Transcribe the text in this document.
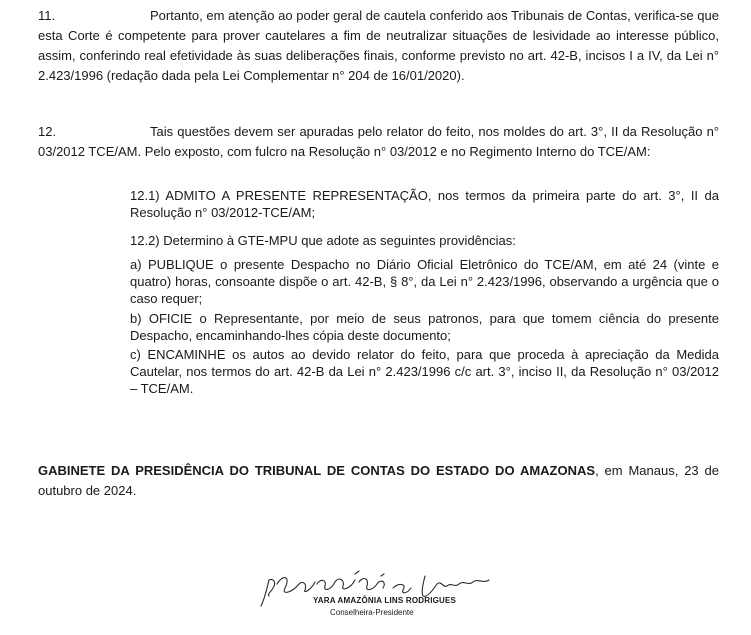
11.	Portanto, em atenção ao poder geral de cautela conferido aos Tribunais de Contas, verifica-se que esta Corte é competente para prover cautelares a fim de neutralizar situações de lesividade ao interesse público, assim, conferindo real efetividade às suas deliberações finais, conforme previsto no art. 42-B, incisos I a IV, da Lei n° 2.423/1996 (redação dada pela Lei Complementar n° 204 de 16/01/2020).

12.	Tais questões devem ser apuradas pelo relator do feito, nos moldes do art. 3°, II da Resolução n° 03/2012 TCE/AM. Pelo exposto, com fulcro na Resolução n° 03/2012 e no Regimento Interno do TCE/AM:

12.1) ADMITO A PRESENTE REPRESENTAÇÃO, nos termos da primeira parte do art. 3°, II da Resolução n° 03/2012-TCE/AM;

12.2) Determino à GTE-MPU que adote as seguintes providências:

a) PUBLIQUE o presente Despacho no Diário Oficial Eletrônico do TCE/AM, em até 24 (vinte e quatro) horas, consoante dispõe o art. 42-B, § 8°, da Lei n° 2.423/1996, observando a urgência que o caso requer;

b) OFICIE o Representante, por meio de seus patronos, para que tomem ciência do presente Despacho, encaminhando-lhes cópia deste documento;

c) ENCAMINHE os autos ao devido relator do feito, para que proceda à apreciação da Medida Cautelar, nos termos do art. 42-B da Lei n° 2.423/1996 c/c art. 3°, inciso II, da Resolução n° 03/2012 – TCE/AM.

GABINETE DA PRESIDÊNCIA DO TRIBUNAL DE CONTAS DO ESTADO DO AMAZONAS, em Manaus, 23 de outubro de 2024.

YARA AMAZÔNIA LINS RODRIGUES
Conselheira-Presidente
